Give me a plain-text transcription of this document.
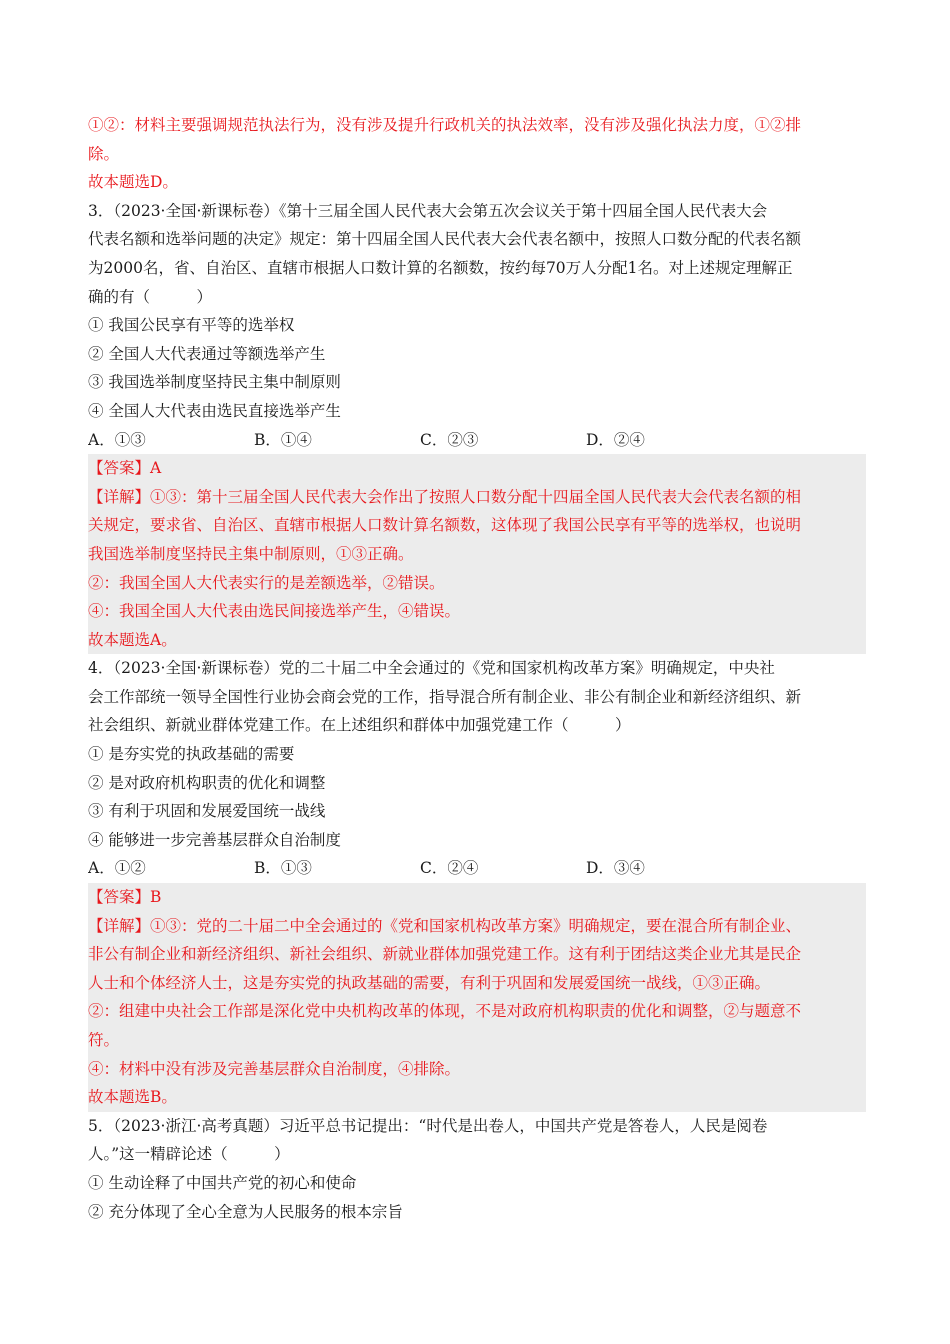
①②：材料主要强调规范执法行为，没有涉及提升行政机关的执法效率，没有涉及强化执法力度，①②排
除。
故本题选D。
3．（2023·全国·新课标卷）《第十三届全国人民代表大会第五次会议关于第十四届全国人民代表大会
代表名额和选举问题的决定》规定：第十四届全国人民代表大会代表名额中，按照人口数分配的代表名额
为2000名，省、自治区、直辖市根据人口数计算的名额数，按约每70万人分配1名。对上述规定理解正
确的有（　　　）
① 我国公民享有平等的选举权
② 全国人大代表通过等额选举产生
③ 我国选举制度坚持民主集中制原则
④ 全国人大代表由选民直接选举产生
A．①③	B．①④	C．②③	D．②④
【答案】A
【详解】①③：第十三届全国人民代表大会作出了按照人口数分配十四届全国人民代表大会代表名额的相
关规定，要求省、自治区、直辖市根据人口数计算名额数，这体现了我国公民享有平等的选举权，也说明
我国选举制度坚持民主集中制原则，①③正确。
②：我国全国人大代表实行的是差额选举，②错误。
④：我国全国人大代表由选民间接选举产生，④错误。
故本题选A。
4．（2023·全国·新课标卷）党的二十届二中全会通过的《党和国家机构改革方案》明确规定，中央社
会工作部统一领导全国性行业协会商会党的工作，指导混合所有制企业、非公有制企业和新经济组织、新
社会组织、新就业群体党建工作。在上述组织和群体中加强党建工作（　　　）
① 是夯实党的执政基础的需要
② 是对政府机构职责的优化和调整
③ 有利于巩固和发展爱国统一战线
④ 能够进一步完善基层群众自治制度
A．①②	B．①③	C．②④	D．③④
【答案】B
【详解】①③：党的二十届二中全会通过的《党和国家机构改革方案》明确规定，要在混合所有制企业、
非公有制企业和新经济组织、新社会组织、新就业群体加强党建工作。这有利于团结这类企业尤其是民企
人士和个体经济人士，这是夯实党的执政基础的需要，有利于巩固和发展爱国统一战线，①③正确。
②：组建中央社会工作部是深化党中央机构改革的体现，不是对政府机构职责的优化和调整，②与题意不
符。
④：材料中没有涉及完善基层群众自治制度，④排除。
故本题选B。
5．（2023·浙江·高考真题）习近平总书记提出：“时代是出卷人，中国共产党是答卷人，人民是阅卷
人。”这一精辟论述（　　　）
① 生动诠释了中国共产党的初心和使命
② 充分体现了全心全意为人民服务的根本宗旨
